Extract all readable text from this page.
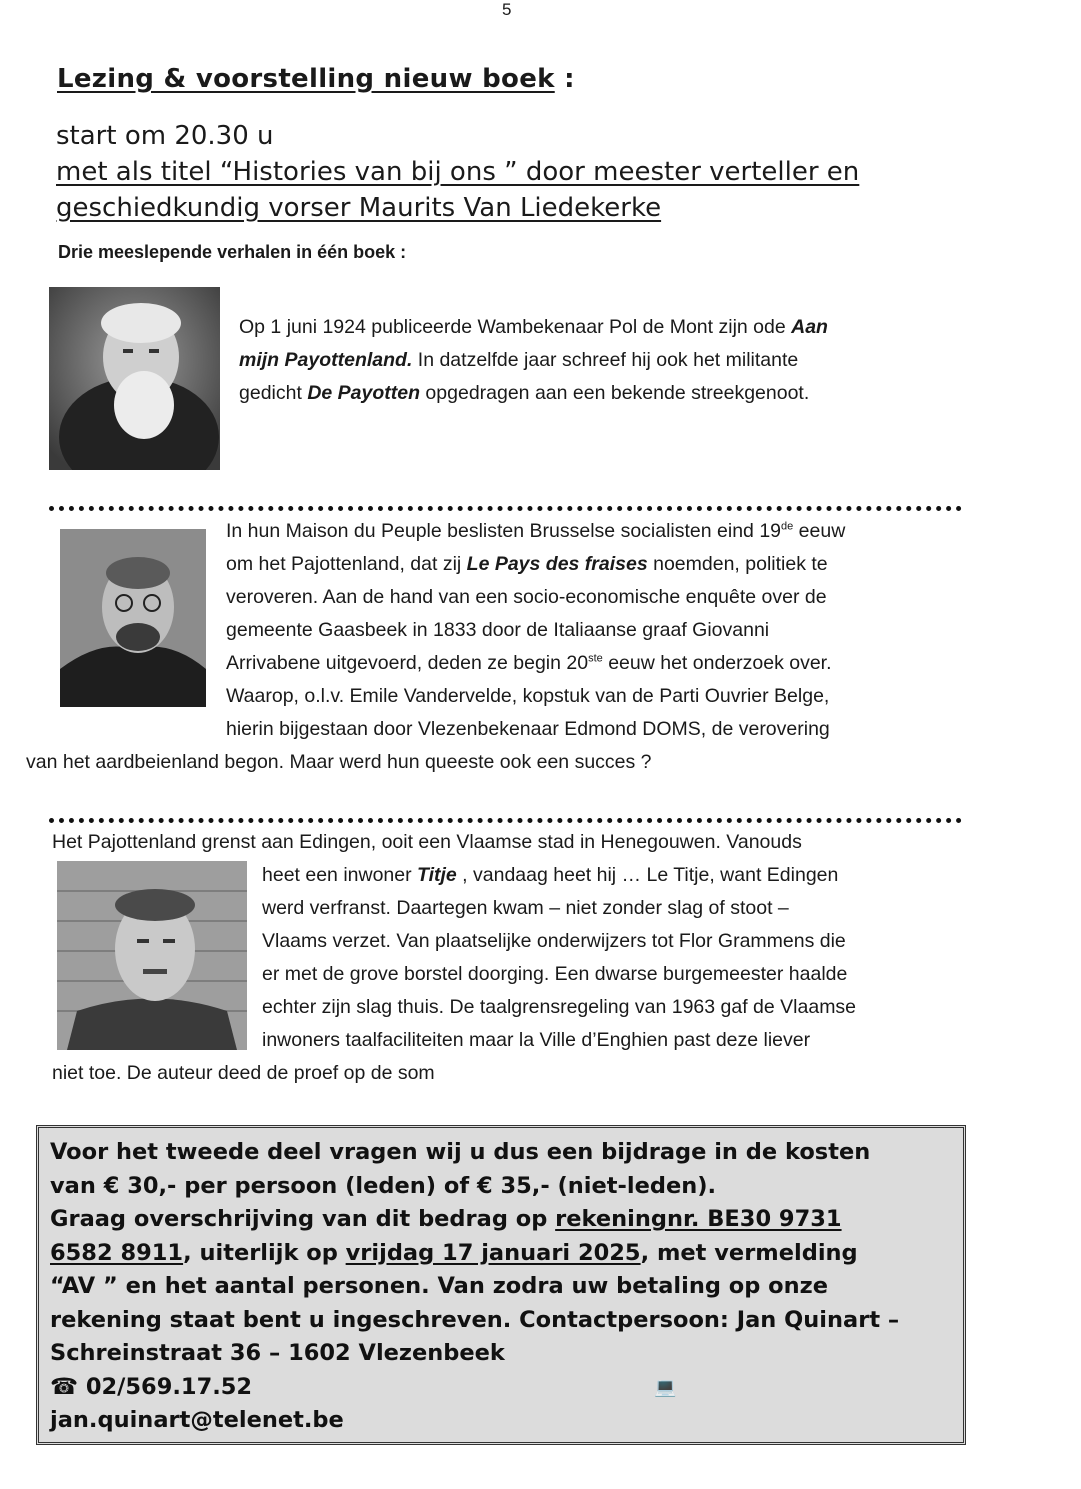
5
Lezing & voorstelling nieuw boek :
start om 20.30 u
met als titel “Histories van bij ons ” door meester verteller en
geschiedkundig vorser Maurits Van Liedekerke
Drie meeslepende verhalen in één boek :
Op 1 juni 1924 publiceerde Wambekenaar Pol de Mont zijn ode Aan
mijn Payottenland. In datzelfde jaar schreef hij ook het militante
gedicht De Payotten opgedragen aan een bekende streekgenoot.
In hun Maison du Peuple beslisten Brusselse socialisten eind 19de eeuw
om het Pajottenland, dat zij Le Pays des fraises noemden, politiek te
veroveren. Aan de hand van een socio-economische enquête over de
gemeente Gaasbeek in 1833 door de Italiaanse graaf Giovanni
Arrivabene uitgevoerd, deden ze begin 20ste eeuw het onderzoek over.
Waarop, o.l.v. Emile Vandervelde, kopstuk van de Parti Ouvrier Belge,
hierin bijgestaan door Vlezenbekenaar Edmond DOMS, de verovering
van het aardbeienland begon. Maar werd hun queeste ook een succes ?
Het Pajottenland grenst aan Edingen, ooit een Vlaamse stad in Henegouwen. Vanouds
heet een inwoner Titje , vandaag heet hij … Le Titje, want Edingen
werd verfranst. Daartegen kwam – niet zonder slag of stoot –
Vlaams verzet. Van plaatselijke onderwijzers tot Flor Grammens die
er met de grove borstel doorging. Een dwarse burgemeester haalde
echter zijn slag thuis. De taalgrensregeling van 1963 gaf de Vlaamse
inwoners taalfaciliteiten maar la Ville d’Enghien past deze liever
niet toe. De auteur deed de proef op de som
Voor het tweede deel vragen wij u dus een bijdrage in de kosten
van € 30,- per persoon (leden) of € 35,- (niet-leden).
Graag overschrijving van dit bedrag op rekeningnr. BE30 9731
6582 8911, uiterlijk op vrijdag 17 januari 2025, met vermelding
“AV ” en het aantal personen. Van zodra uw betaling op onze
rekening staat bent u ingeschreven. Contactpersoon: Jan Quinart –
Schreinstraat 36 – 1602 Vlezenbeek
☎ 02/569.17.52	💻
jan.quinart@telenet.be
